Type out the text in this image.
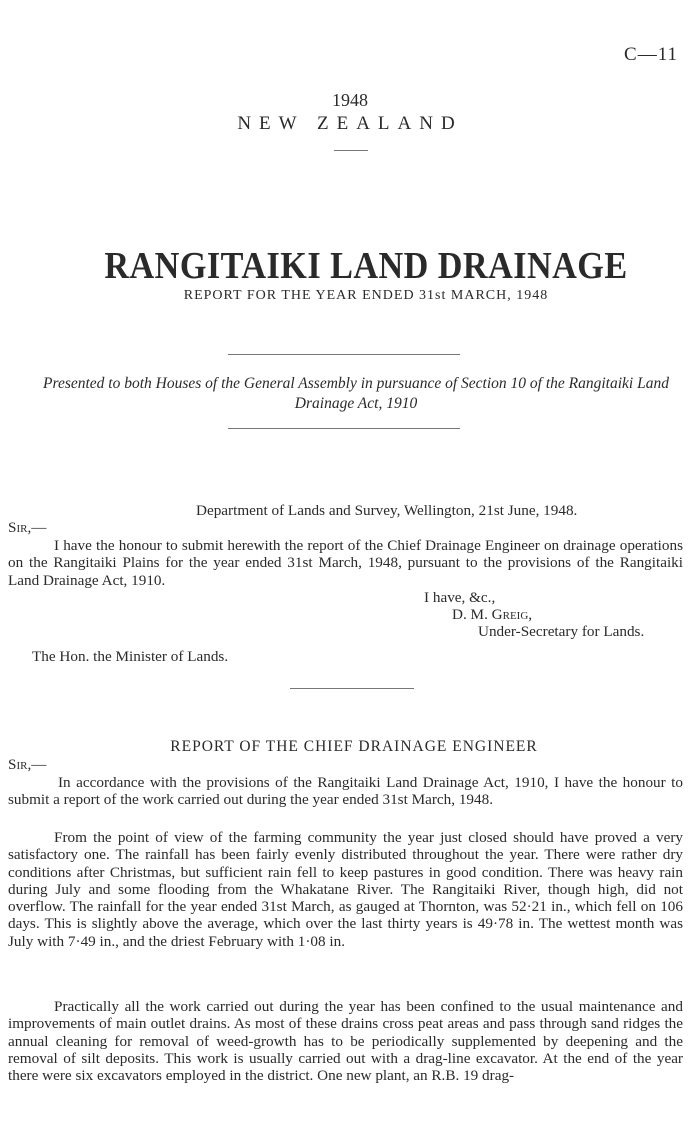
C—11
1948
NEW ZEALAND
RANGITAIKI LAND DRAINAGE
REPORT FOR THE YEAR ENDED 31st MARCH, 1948
Presented to both Houses of the General Assembly in pursuance of Section 10 of the Rangitaiki Land Drainage Act, 1910
Department of Lands and Survey, Wellington, 21st June, 1948.
Sir,—
I have the honour to submit herewith the report of the Chief Drainage Engineer on drainage operations on the Rangitaiki Plains for the year ended 31st March, 1948, pursuant to the provisions of the Rangitaiki Land Drainage Act, 1910.
I have, &c.,
D. M. Greig,
Under-Secretary for Lands.
The Hon. the Minister of Lands.
REPORT OF THE CHIEF DRAINAGE ENGINEER
Sir,—
In accordance with the provisions of the Rangitaiki Land Drainage Act, 1910, I have the honour to submit a report of the work carried out during the year ended 31st March, 1948.
From the point of view of the farming community the year just closed should have proved a very satisfactory one. The rainfall has been fairly evenly distributed throughout the year. There were rather dry conditions after Christmas, but sufficient rain fell to keep pastures in good condition. There was heavy rain during July and some flooding from the Whakatane River. The Rangitaiki River, though high, did not overflow. The rainfall for the year ended 31st March, as gauged at Thornton, was 52·21 in., which fell on 106 days. This is slightly above the average, which over the last thirty years is 49·78 in. The wettest month was July with 7·49 in., and the driest February with 1·08 in.
Practically all the work carried out during the year has been confined to the usual maintenance and improvements of main outlet drains. As most of these drains cross peat areas and pass through sand ridges the annual cleaning for removal of weed-growth has to be periodically supplemented by deepening and the removal of silt deposits. This work is usually carried out with a drag-line excavator. At the end of the year there were six excavators employed in the district. One new plant, an R.B. 19 drag-
